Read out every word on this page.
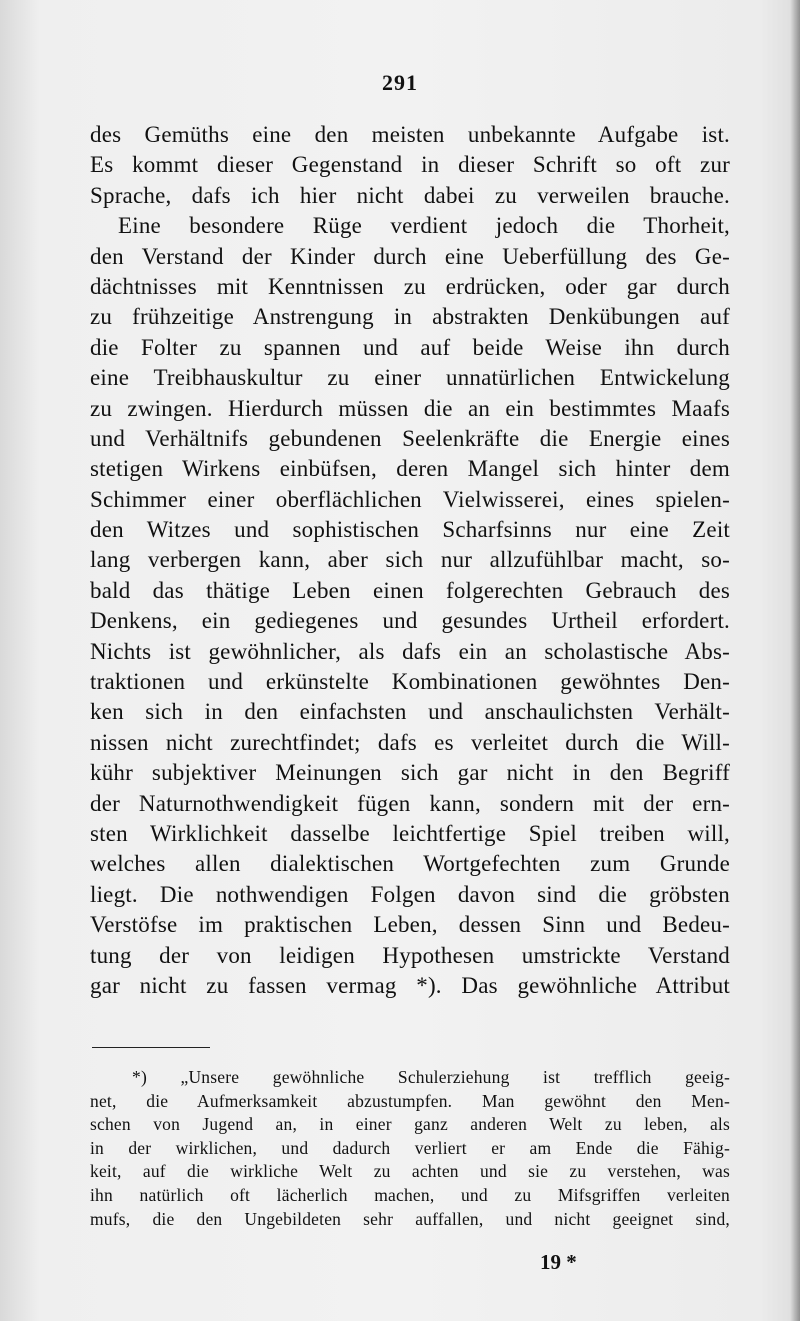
291
des Gemüths eine den meisten unbekannte Aufgabe ist.
Es kommt dieser Gegenstand in dieser Schrift so oft zur
Sprache, dafs ich hier nicht dabei zu verweilen brauche.
Eine besondere Rüge verdient jedoch die Thorheit,
den Verstand der Kinder durch eine Ueberfüllung des Ge-
dächtnisses mit Kenntnissen zu erdrücken, oder gar durch
zu frühzeitige Anstrengung in abstrakten Denkübungen auf
die Folter zu spannen und auf beide Weise ihn durch
eine Treibhauskultur zu einer unnatürlichen Entwickelung
zu zwingen. Hierdurch müssen die an ein bestimmtes Maafs
und Verhältnifs gebundenen Seelenkräfte die Energie eines
stetigen Wirkens einbüfsen, deren Mangel sich hinter dem
Schimmer einer oberflächlichen Vielwisserei, eines spielen-
den Witzes und sophistischen Scharfsinns nur eine Zeit
lang verbergen kann, aber sich nur allzufühlbar macht, so-
bald das thätige Leben einen folgerechten Gebrauch des
Denkens, ein gediegenes und gesundes Urtheil erfordert.
Nichts ist gewöhnlicher, als dafs ein an scholastische Abs-
traktionen und erkünstelte Kombinationen gewöhntes Den-
ken sich in den einfachsten und anschaulichsten Verhält-
nissen nicht zurechtfindet; dafs es verleitet durch die Will-
kühr subjektiver Meinungen sich gar nicht in den Begriff
der Naturnothwendigkeit fügen kann, sondern mit der ern-
sten Wirklichkeit dasselbe leichtfertige Spiel treiben will,
welches allen dialektischen Wortgefechten zum Grunde
liegt. Die nothwendigen Folgen davon sind die gröbsten
Verstöfse im praktischen Leben, dessen Sinn und Bedeu-
tung der von leidigen Hypothesen umstrickte Verstand
gar nicht zu fassen vermag *). Das gewöhnliche Attribut
*) „Unsere gewöhnliche Schulerziehung ist trefflich geeig-
net, die Aufmerksamkeit abzustumpfen. Man gewöhnt den Men-
schen von Jugend an, in einer ganz anderen Welt zu leben, als
in der wirklichen, und dadurch verliert er am Ende die Fähig-
keit, auf die wirkliche Welt zu achten und sie zu verstehen, was
ihn natürlich oft lächerlich machen, und zu Mifsgriffen verleiten
mufs, die den Ungebildeten sehr auffallen, und nicht geeignet sind,
19 *
